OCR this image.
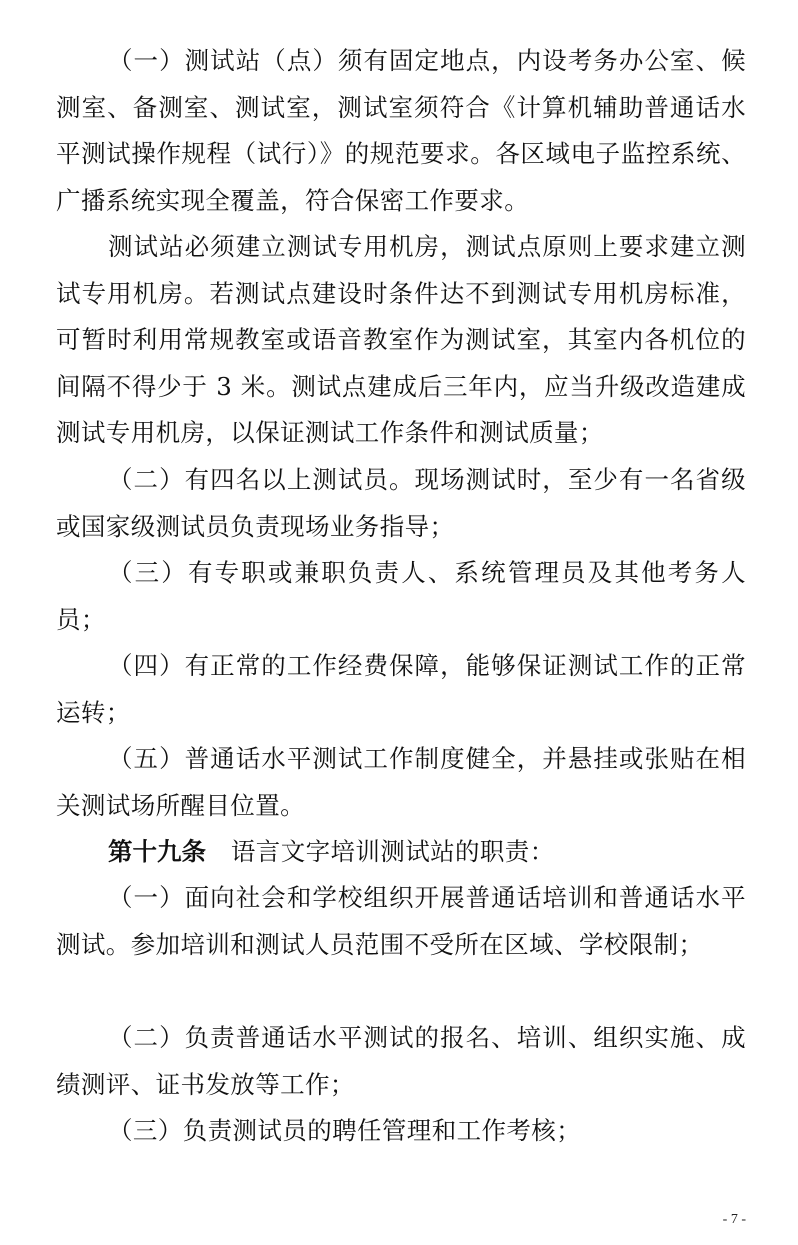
（一）测试站（点）须有固定地点，内设考务办公室、候测室、备测室、测试室，测试室须符合《计算机辅助普通话水平测试操作规程（试行）》的规范要求。各区域电子监控系统、广播系统实现全覆盖，符合保密工作要求。

测试站必须建立测试专用机房，测试点原则上要求建立测试专用机房。若测试点建设时条件达不到测试专用机房标准，可暂时利用常规教室或语音教室作为测试室，其室内各机位的间隔不得少于 3 米。测试点建成后三年内，应当升级改造建成测试专用机房，以保证测试工作条件和测试质量；

（二）有四名以上测试员。现场测试时，至少有一名省级或国家级测试员负责现场业务指导；

（三）有专职或兼职负责人、系统管理员及其他考务人员；

（四）有正常的工作经费保障，能够保证测试工作的正常运转；

（五）普通话水平测试工作制度健全，并悬挂或张贴在相关测试场所醒目位置。

第十九条　语言文字培训测试站的职责：

（一）面向社会和学校组织开展普通话培训和普通话水平测试。参加培训和测试人员范围不受所在区域、学校限制；

（二）负责普通话水平测试的报名、培训、组织实施、成绩测评、证书发放等工作；

（三）负责测试员的聘任管理和工作考核；

- 7 -
